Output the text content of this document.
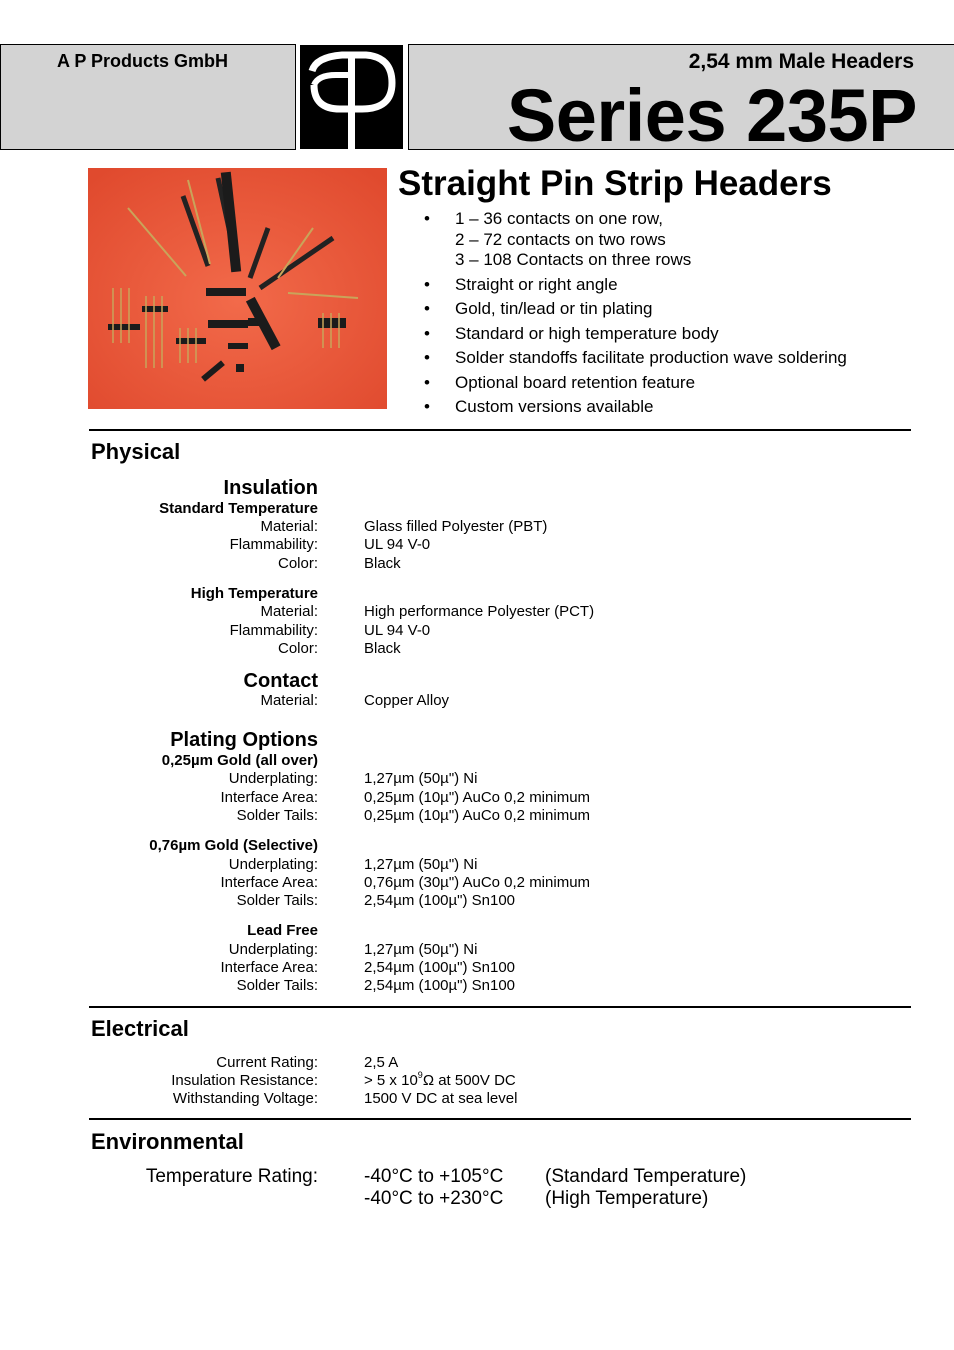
A P Products GmbH	2,54 mm Male Headers
Series 235P
Straight Pin Strip Headers
• 1 – 36 contacts on one row,
2 – 72 contacts on two rows
3 – 108 Contacts on three rows
• Straight or right angle
• Gold, tin/lead or tin plating
• Standard or high temperature body
• Solder standoffs facilitate production wave soldering
• Optional board retention feature
• Custom versions available
Physical
Insulation
Standard Temperature
Material:	Glass filled Polyester (PBT)
Flammability:	UL 94 V-0
Color:	Black
High Temperature
Material:	High performance Polyester (PCT)
Flammability:	UL 94 V-0
Color:	Black
Contact
Material:	Copper Alloy
Plating Options
0,25µm Gold (all over)
Underplating:	1,27µm (50µ") Ni
Interface Area:	0,25µm (10µ") AuCo 0,2 minimum
Solder Tails:	0,25µm (10µ") AuCo 0,2 minimum
0,76µm Gold (Selective)
Underplating:	1,27µm (50µ") Ni
Interface Area:	0,76µm (30µ") AuCo 0,2 minimum
Solder Tails:	2,54µm (100µ") Sn100
Lead Free
Underplating:	1,27µm (50µ") Ni
Interface Area:	2,54µm (100µ") Sn100
Solder Tails:	2,54µm (100µ") Sn100
Electrical
Current Rating:	2,5 A
Insulation Resistance:	> 5 x $10^9\Omega$ at 500V DC
Withstanding Voltage:	1500 V DC at sea level
Environmental
Temperature Rating: -40°C to +105°C (Standard Temperature)
-40°C to +230°C (High Temperature)
